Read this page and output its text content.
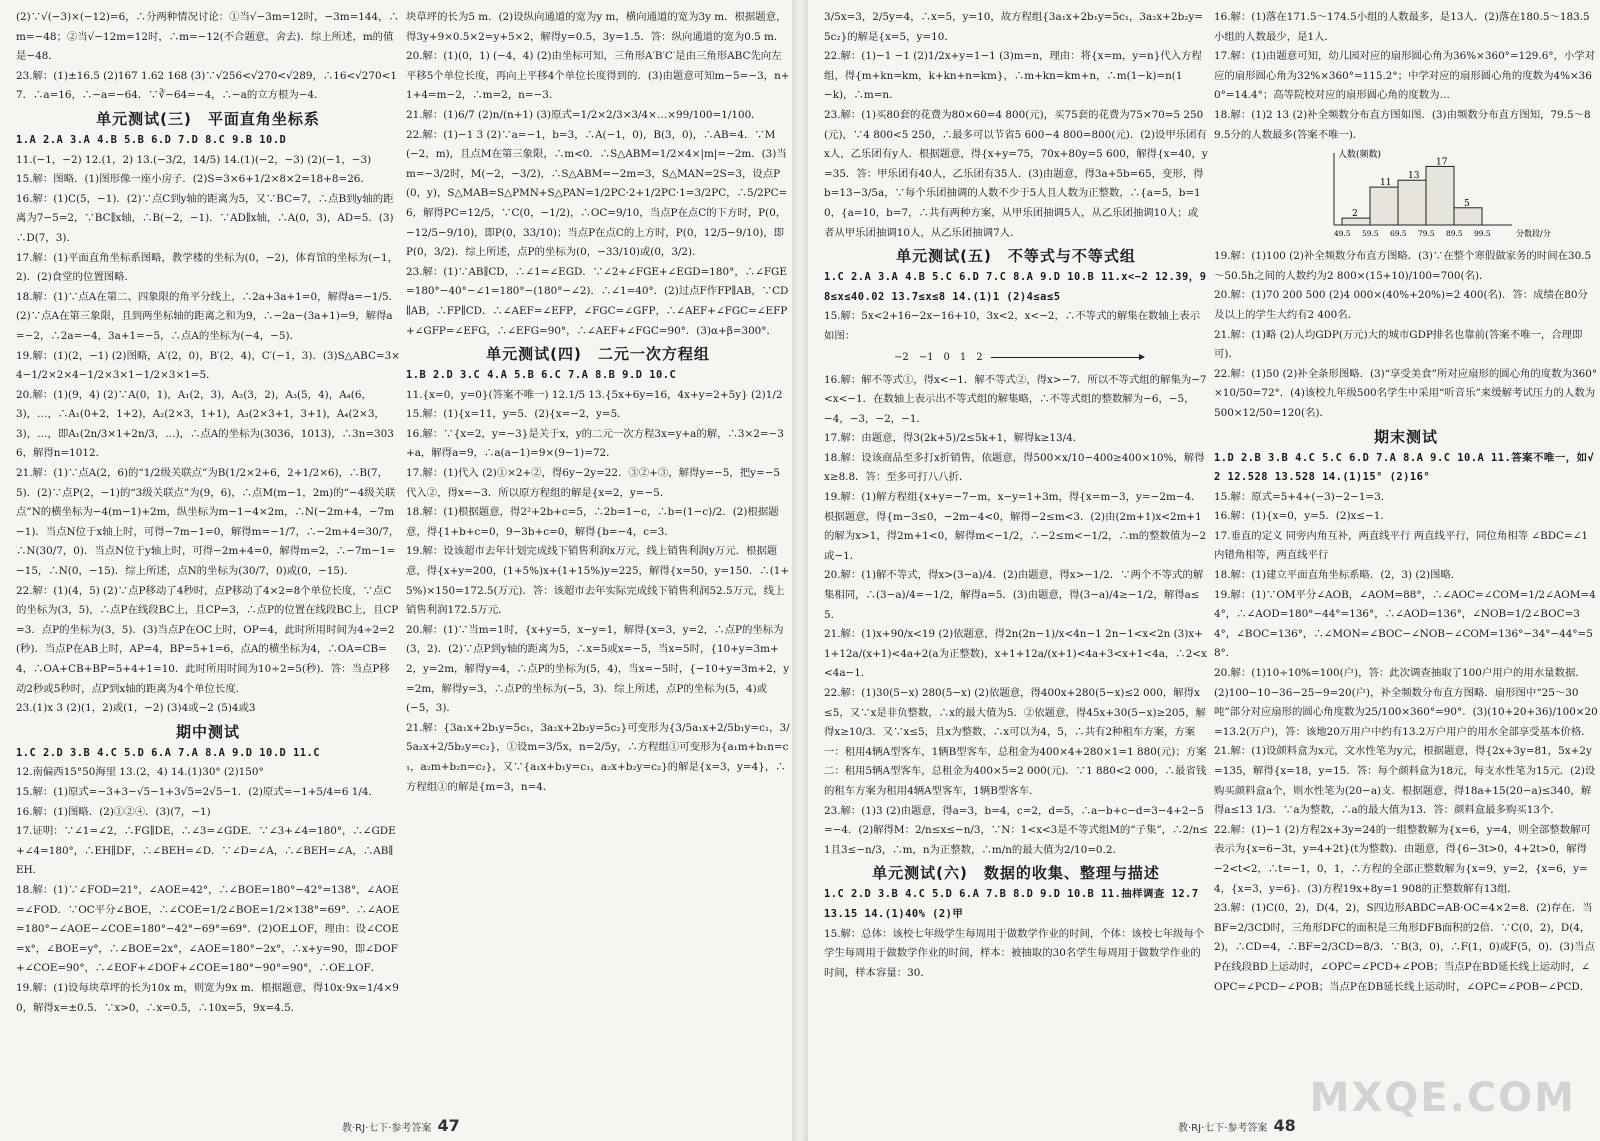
(2)∵√(−3)×(−12)=6，∴分两种情况讨论：①当√−3m=12时，−3m=144，∴m=−48；②当√−12m=12时，∴m=−12(不合题意，舍去)．综上所述，m的值是−48．

23.解：(1)±16.5 (2)167 1.62 168 (3)∵√256<√270<√289，∴16<√270<17．∴a=16，∴−a=−64．∵∛−64=−4，∴−a的立方根为−4．

单元测试(三)　平面直角坐标系

1.A 2.A 3.A 4.B 5.B 6.D 7.D 8.C 9.B 10.D

11.(−1，−2) 12.(1，2) 13.(−3/2，14/5) 14.(1)(−2，−3) (2)(−1，−3)

15.解：图略．(1)图形像一座小房子．(2)S=3×6+1/2×8×2=18+8=26．

16.解：(1)C(5，−1)．(2)∵点C到y轴的距离为5，又∵BC=7，∴点B到y轴的距离为7−5=2，∵BC∥x轴，∴B(−2，−1)．∵AD∥x轴，∴A(0，3)，AD=5．(3)∴D(7，3)．

17.解：(1)平面直角坐标系图略，教学楼的坐标为(0，−2)，体育馆的坐标为(−1，2)．(2)食堂的位置图略．

18.解：(1)∵点A在第二、四象限的角平分线上，∴2a+3a+1=0，解得a=−1/5．(2)∵点A在第三象限，且到两坐标轴的距离之和为9，∴−2a−(3a+1)=9，解得a=−2，∴2a=−4，3a+1=−5，∴点A的坐标为(−4，−5)．

19.解：(1)(2，−1) (2)图略，A′(2，0)，B′(2，4)，C′(−1，3)．(3)S△ABC=3×4−1/2×2×4−1/2×3×1−1/2×3×1=5．

20.解：(1)(9，4) (2)∵A(0，1)，A₁(2，3)，A₂(3，2)，A₃(5，4)，A₄(6，3)，…，∴A₁(0+2，1+2)，A₂(2×3，1+1)，A₃(2×3+1，3+1)，A₄(2×3，3)，…，即A₁(2n/3×1+2n/3，…)，∴点A的坐标为(3036，1013)，∴3n=3036，解得n=1012．

21.解：(1)∵点A(2，6)的“1/2级关联点”为B(1/2×2+6，2+1/2×6)，∴B(7，5)．(2)∵点P(2，−1)的“3级关联点”为(9，6)，∴点M(m−1，2m)的“−4级关联点”N的横坐标为−4(m−1)+2m，纵坐标为m−1−4×2m，∴N(−2m+4，−7m−1)．当点N位于x轴上时，可得−7m−1=0，解得m=−1/7，∴−2m+4=30/7，∴N(30/7，0)．当点N位于y轴上时，可得−2m+4=0，解得m=2，∴−7m−1=−15，∴N(0，−15)．综上所述，点N的坐标为(30/7，0)或(0，−15)．

22.解：(1)(4，5) (2)∵点P移动了4秒时，点P移动了4×2=8个单位长度，∵点C的坐标为(3，5)，∴点P在线段BC上，且CP=3，∴点P的位置在线段BC上，且CP=3．点P的坐标为(3，5)．(3)当点P在OC上时，OP=4，此时所用时间为4÷2=2(秒)．当点P在AB上时，AP=4，BP=5+1=6，点A的横坐标为4，∴OA=CB=4，∴OA+CB+BP=5+4+1=10．此时所用时间为10÷2=5(秒)．答：当点P移动2秒或5秒时，点P到x轴的距离为4个单位长度．

23.(1)x 3 (2)(1，2)或(1，−2) (3)4或−2 (5)4或3

期中测试

1.C 2.D 3.B 4.C 5.D 6.A 7.A 8.A 9.D 10.D 11.C

12.南偏西15°50海里 13.(2，4) 14.(1)30° (2)150°

15.解：(1)原式=−3+3−√5−1+3√5=2√5−1．(2)原式=−1+5/4=6 1/4．

16.解：(1)图略．(2)①②④．(3)(7，−1)

17.证明：∵∠1=∠2，∴FG∥DE，∴∠3=∠GDE．∵∠3+∠4=180°，∴∠GDE+∠4=180°，∴EH∥DF，∴∠BEH=∠D．∵∠D=∠A，∴∠BEH=∠A，∴AB∥EH．

18.解：(1)∵∠FOD=21°，∠AOE=42°，∴∠BOE=180°−42°=138°，∠AOE=∠FOD．∵OC平分∠BOE，∴∠COE=1/2∠BOE=1/2×138°=69°．∴∠AOE=180°−∠AOE−∠COE=180°−42°−69°=69°．(2)OE⊥OF，理由：设∠COE=x°，∠BOE=y°，∴∠BOE=2x°，∠AOE=180°−2x°，∴x+y=90，即∠DOF+∠COE=90°，∴∠EOF+∠DOF+∠COE=180°−90°=90°，∴OE⊥OF．

19.解：(1)设每块草坪的长为10x m，则宽为9x m．根据题意，得10x·9x=1/4×90，解得x=±0.5．∵x>0，∴x=0.5，∴10x=5，9x=4.5．

块草坪的长为5 m．(2)设纵向通道的宽为y m，横向通道的宽为3y m．根据题意，得3y+9×0.5×2=y+5×2，解得y=0.5，3y=1.5．答：纵向通道的宽为0.5 m．

20.解：(1)(0，1) (−4，4) (2)由坐标可知，三角形A′B′C′是由三角形ABC先向左平移5个单位长度，再向上平移4个单位长度得到的．(3)由题意可知m−5=−3，n+1+4=m−2，∴m=2，n=−3．

21.解：(1)6/7 (2)n/(n+1) (3)原式=1/2×2/3×3/4×…×99/100=1/100．

22.解：(1)−1 3 (2)∵a=−1，b=3，∴A(−1，0)，B(3，0)，∴AB=4．∵M(−2，m)，且点M在第三象限，∴m<0．∴S△ABM=1/2×4×|m|=−2m．(3)当m=−3/2时，M(−2，−3/2)，∴S△ABM=−2m=3，S△MAN=2S=3，设点P(0，y)，S△MAB=S△PMN+S△PAN=1/2PC·2+1/2PC·1=3/2PC，∴5/2PC=6，解得PC=12/5，∵C(0，−1/2)，∴OC=9/10，当点P在点C的下方时，P(0，−12/5−9/10)，即P(0，33/10)；当点P在点C的上方时，P(0，12/5−9/10)，即P(0，3/2)．综上所述，点P的坐标为(0，−33/10)或(0，3/2)．

23.解：(1)∵AB∥CD，∴∠1=∠EGD．∵∠2+∠FGE+∠EGD=180°，∴∠FGE=180°−40°−∠1=180°−(180°−∠2)．∴∠1=40°．(2)过点F作FP∥AB，∵CD∥AB，∴FP∥CD．∴∠AEF=∠EFP，∠FGC=∠GFP，∴∠AEF+∠FGC=∠EFP+∠GFP=∠EFG，∴∠EFG=90°，∴∠AEF+∠FGC=90°．(3)α+β=300°．

单元测试(四)　二元一次方程组

1.B 2.D 3.C 4.A 5.B 6.C 7.A 8.B 9.D 10.C

11.{x=0，y=0}(答案不唯一) 12.1/5 13.{5x+6y=16，4x+y=2+5y} (2)1/2

15.解：(1){x=11，y=5．(2){x=−2，y=5．

16.解：∵{x=2，y=−3}是关于x，y的二元一次方程3x=y+a的解，∴3×2=−3+a，解得a=9，∴a(a−1)=9×(9−1)=72．

17.解：(1)代入 (2)①×2+②，得6y−2y=22．③②+③，解得y=−5，把y=−5代入②，得x=−3．所以原方程组的解是{x=2，y=−5．

18.解：(1)根据题意，得2²+2b+c=5，∴2b=1−c，∴b=(1−c)/2．(2)根据题意，得{1+b+c=0，9−3b+c=0，解得{b=−4，c=3．

19.解：设该超市去年计划完成线下销售利润x万元，线上销售利润y万元．根据题意，得{x+y=200，(1+5%)x+(1+15%)y=225，解得{x=50，y=150．∴(1+5%)×150=172.5(万元)．答：该超市去年实际完成线下销售利润52.5万元，线上销售利润172.5万元．

20.解：(1)∵当m=1时，{x+y=5，x−y=1，解得{x=3，y=2，∴点P的坐标为(3，2)．(2)∵点P到y轴的距离为5，∴x=5或x=−5，当x=5时，{10+y=3m+2，y=2m，解得y=4，∴点P的坐标为(5，4)，当x=−5时，{−10+y=3m+2，y=2m，解得y=3，∴点P的坐标为(−5，3)．综上所述，点P的坐标为(5，4)或(−5，3)．

21.解：{3a₁x+2b₁y=5c₁，3a₂x+2b₂y=5c₂}可变形为{3/5a₁x+2/5b₁y=c₁，3/5a₂x+2/5b₂y=c₂}，①设m=3/5x，n=2/5y，∴方程组①可变形为{a₁m+b₁n=c₁，a₂m+b₂n=c₂}，又∵{a₁x+b₁y=c₁，a₂x+b₂y=c₂}的解是{x=3，y=4}，∴方程组①的解是{m=3，n=4．

教·RJ·七下·参考答案 47

3/5x=3，2/5y=4，∴x=5，y=10，故方程组{3a₁x+2b₁y=5c₁，3a₂x+2b₂y=5c₂}的解是{x=5，y=10．

22.解：(1)−1 −1 (2)1/2x+y=1−1 (3)m=n，理由：将{x=m，y=n}代入方程组，得{m+kn=km，k+kn+n=km}，∴m+kn=km+n，∴m(1−k)=n(1−k)，∴m=n．

23.解：(1)买80套的花费为80×60=4 800(元)，买75套的花费为75×70=5 250(元)，∵4 800<5 250，∴最多可以节省5 600−4 800=800(元)．(2)设甲乐团有x人，乙乐团有y人．根据题意，得{x+y=75，70x+80y=5 600，解得{x=40，y=35．答：甲乐团有40人，乙乐团有35人．(3)由题意，得3a+5b=65，变形，得b=13−3/5a，∵每个乐团抽调的人数不少于5人且人数为正整数，∴{a=5，b=10，{a=10，b=7，∴共有两种方案，从甲乐团抽调5人，从乙乐团抽调10人；或者从甲乐团抽调10人，从乙乐团抽调7人．

单元测试(五)　不等式与不等式组

1.C 2.A 3.A 4.B 5.C 6.D 7.C 8.A 9.D 10.B 11.x<−2 12.39，98≤x≤40.02 13.7≤x≤8 14.(1)1 (2)4≤a≤5

15.解：5x<2+16−2x−16+10，3x<2，x<−2，∴不等式的解集在数轴上表示如图：

−2　−1　0　1　2

16.解：解不等式①，得x<−1．解不等式②，得x>−7．所以不等式组的解集为−7<x<−1．在数轴上表示出不等式组的解集略，∴不等式组的整数解为−6，−5，−4，−3，−2，−1．

17.解：由题意，得3(2k+5)/2≤5k+1，解得k≥13/4．

18.解：设该商品至多打x折销售，依题意，得500×x/10−400≥400×10%，解得x≥8.8．答：至多可打八八折．

19.解：(1)解方程组{x+y=−7−m，x−y=1+3m，得{x=m−3，y=−2m−4．根据题意，得{m−3≤0，−2m−4<0，解得−2≤m<3．(2)由(2m+1)x<2m+1的解为x>1，得2m+1<0，解得m<−1/2，∴−2≤m<−1/2，∴m的整数值为−2或−1．

20.解：(1)解不等式，得x>(3−a)/4．(2)由题意，得x>−1/2．∵两个不等式的解集相同，∴(3−a)/4=−1/2，解得a=5．(3)由题意，得(3−a)/4≥−1/2，解得a≤5．

21.解：(1)x+90/x<19 (2)依题意，得2n(2n−1)/x<4n−1 2n−1<x<2n (3)x+1+12a/(x+1)<4a+2(a为正整数)，x+1+12a/(x+1)<4a+3<x+1<4a，∴2<x<4a−1．

22.解：(1)30(5−x) 280(5−x) (2)依题意，得400x+280(5−x)≤2 000，解得x≤5，又∵x是非负整数，∴x的最大值为5．②依题意，得45x+30(5−x)≥205，解得x≥10/3．又∵x≤5，且x为整数，∴x可以为4，5，∴共有2种租车方案，方案一：租用4辆A型客车，1辆B型客车，总租金为400×4+280×1=1 880(元)；方案二：租用5辆A型客车，总租金为400×5=2 000(元)．∵1 880<2 000，∴最省钱的租车方案为租用4辆A型客车，1辆B型客车．

23.解：(1)3 (2)由题意，得a=3，b=4，c=2，d=5，∴a−b+c−d=3−4+2−5=−4．(2)解得M：2/n≤x≤−n/3，∵N：1<x<3是不等式组M的“子集”，∴2/n≤1且3≤−n/3，∴m，n为正整数，∴m/n的最大值为2/10=0.2．

单元测试(六)　数据的收集、整理与描述

1.C 2.D 3.B 4.C 5.D 6.A 7.B 8.D 9.D 10.B 11.抽样调查 12.7 13.15 14.(1)40% (2)甲

15.解：总体：该校七年级学生每周用于做数学作业的时间，个体：该校七年级每个学生每周用于做数学作业的时间，样本：被抽取的30名学生每周用于做数学作业的时间，样本容量：30．

16.解：(1)落在171.5～174.5小组的人数最多，是13人．(2)落在180.5～183.5小组的人数最少，是1人．

17.解：(1)由题意可知，幼儿园对应的扇形圆心角为36%×360°=129.6°，小学对应的扇形圆心角为32%×360°=115.2°；中学对应的扇形圆心角的度数为4%×360°=14.4°；高等院校对应的扇形圆心角的度数为…

18.解：(1)2 13 (2)补全频数分布直方图如图．(3)由频数分布直方图知，79.5～89.5分的人数最多(答案不唯一)．

人数(频数)
2
11
13
17
5
49.5 59.5 69.5 79.5 89.5 99.5	分数段/分

19.解：(1)100 (2)补全频数分布直方图略．(3)∵在整个寒假做家务的时间在30.5～50.5h之间的人数约为2 800×(15+10)/100=700(名)．

20.解：(1)70 200 500 (2)4 000×(40%+20%)=2 400(名)．答：成绩在80分及以上的学生大约有2 400名．

21.解：(1)略 (2)人均GDP(万元)大的城市GDP排名也靠前(答案不唯一，合理即可)．

22.解：(1)50 (2)补全条形图略．(3)“享受美食”所对应扇形的圆心角的度数为360°×10/50=72°．(4)该校九年级500名学生中采用“听音乐”来缓解考试压力的人数为500×12/50=120(名)．

期末测试

1.D 2.B 3.B 4.C 5.C 6.D 7.A 8.A 9.C 10.A 11.答案不唯一，如√2 12.528 13.528 14.(1)15° (2)16°

15.解：原式=5+4+(−3)−2−1=3．

16.解：(1){x=0，y=5．(2)x≤−1．

17.垂直的定义 同旁内角互补，两直线平行 两直线平行，同位角相等 ∠BDC=∠1 内错角相等，两直线平行

18.解：(1)建立平面直角坐标系略．(2，3) (2)图略．

19.解：(1)∵OM平分∠AOB，∠AOM=88°，∴∠AOC=∠COM=1/2∠AOM=44°，∴∠AOD=180°−44°=136°，∴∠AOD=136°，∠NOB=1/2∠BOC=34°，∠BOC=136°，∴∠MON=∠BOC−∠NOB−∠COM=136°−34°−44°=58°．

20.解：(1)10÷10%=100(户)，答：此次调查抽取了100户用户的用水量数据．(2)100−10−36−25−9=20(户)，补全频数分布直方图略．扇形图中“25～30吨”部分对应扇形的圆心角度数为25/100×360°=90°．(3)(10+20+36)/100×20=13.2(万户)，答：该地20万用户中约有13.2万户用户的用水全部享受基本价格．

21.解：(1)设颜料盒为x元，文水性笔为y元，根据题意，得{2x+3y=81，5x+2y=135，解得{x=18，y=15．答：每个颜料盒为18元，每支水性笔为15元．(2)设购买颜料盒a个，则水性笔为(20−a)支．根据题意，得18a+15(20−a)≤340，解得a≤13 1/3．∵a为整数，∴a的最大值为13．答：颜料盒最多购买13个．

22.解：(1)−1 (2)方程2x+3y=24的一组整数解为{x=6，y=4，则全部整数解可表示为{x=6−3t，y=4+2t}(t为整数)．由题意，得{6−3t>0，4+2t>0，解得−2<t<2，∴t=−1，0，1，∴方程的全部正整数解为{x=9，y=2，{x=6，y=4，{x=3，y=6}．(3)方程19x+8y=1 908的正整数解有13组．

23.解：(1)C(0，2)，D(4，2)，S四边形ABDC=AB·OC=4×2=8．(2)存在．当BF=2/3CD时，三角形DFC的面积是三角形DFB面积的2倍．∵C(0，2)，D(4，2)，∴CD=4，∴BF=2/3CD=8/3．∵B(3，0)，∴F(1，0)或F(5，0)．(3)当点P在线段BD上运动时，∠OPC=∠PCD+∠POB；当点P在BD延长线上运动时，∠OPC=∠PCD−∠POB；当点P在DB延长线上运动时，∠OPC=∠POB−∠PCD．

教·RJ·七下·参考答案 48
MXQE.COM
